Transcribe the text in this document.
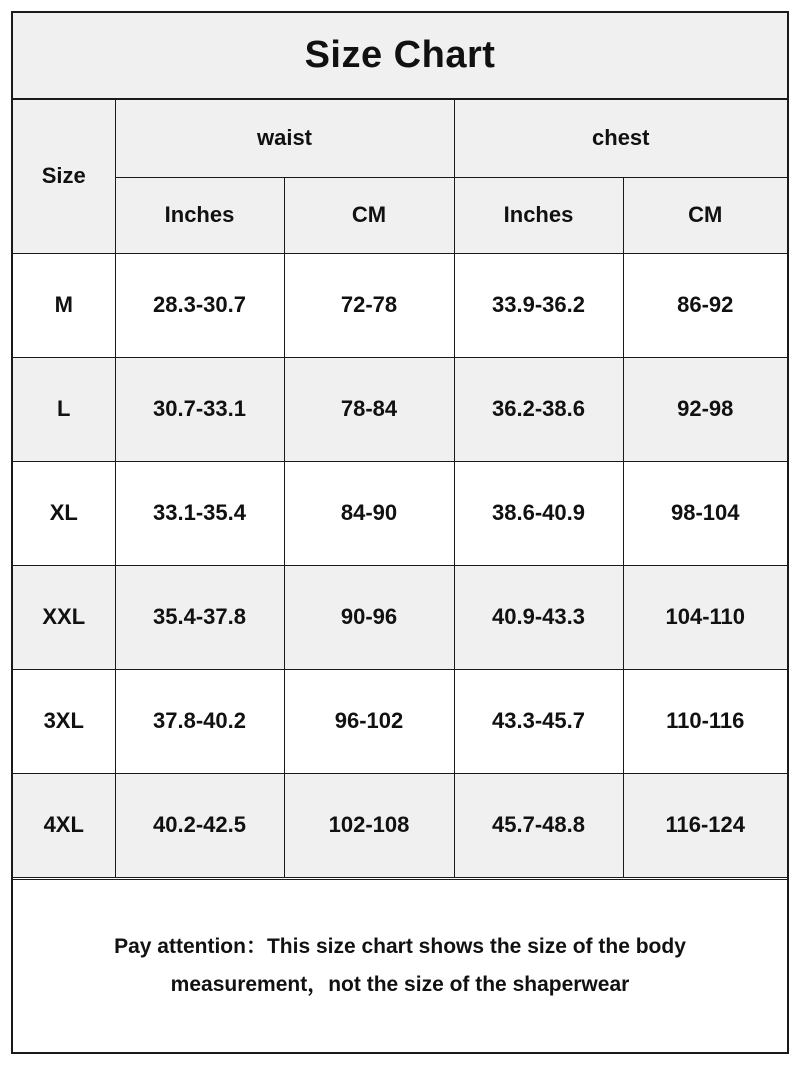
Size Chart
Size	waist		chest	
	Inches	CM	Inches	CM
M	28.3-30.7	72-78	33.9-36.2	86-92
L	30.7-33.1	78-84	36.2-38.6	92-98
XL	33.1-35.4	84-90	38.6-40.9	98-104
XXL	35.4-37.8	90-96	40.9-43.3	104-110
3XL	37.8-40.2	96-102	43.3-45.7	110-116
4XL	40.2-42.5	102-108	45.7-48.8	116-124

Pay attention：This size chart shows the size of the body

measurement，not the size of the shaperwear
